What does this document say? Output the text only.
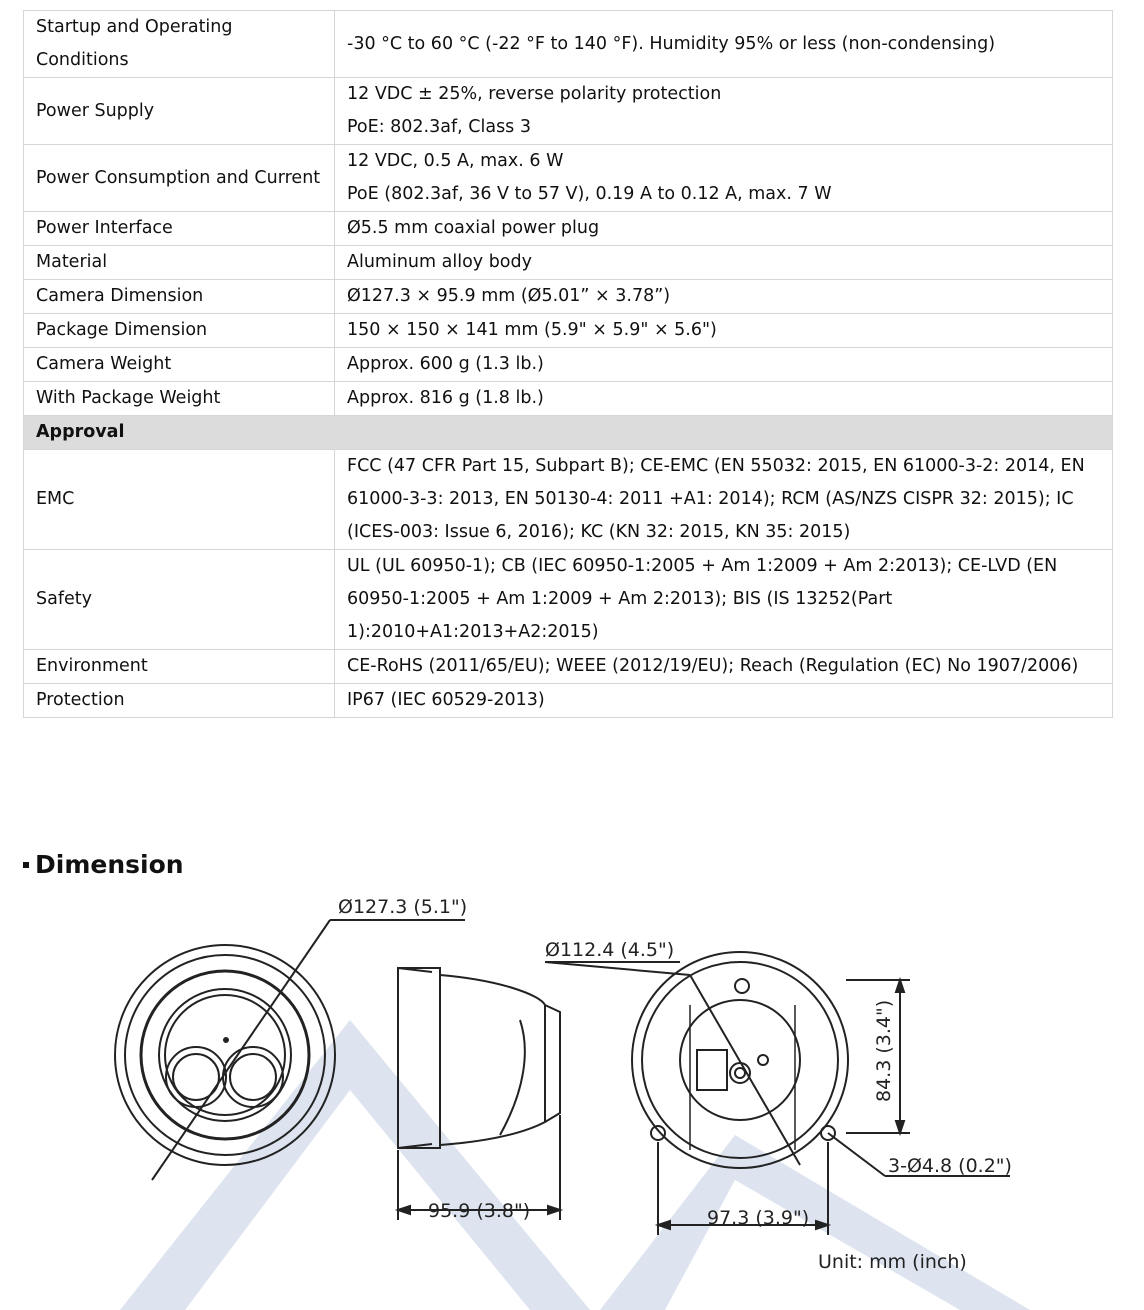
Startup and Operating Conditions	-30 °C to 60 °C (-22 °F to 140 °F). Humidity 95% or less (non-condensing)

Power Supply	12 VDC ± 25%, reverse polarity protection
PoE: 802.3af, Class 3

Power Consumption and Current	12 VDC, 0.5 A, max. 6 W
PoE (802.3af, 36 V to 57 V), 0.19 A to 0.12 A, max. 7 W

Power Interface	Ø5.5 mm coaxial power plug

Material	Aluminum alloy body

Camera Dimension	Ø127.3 × 95.9 mm (Ø5.01” × 3.78”)

Package Dimension	150 × 150 × 141 mm (5.9" × 5.9" × 5.6")

Camera Weight	Approx. 600 g (1.3 lb.)

With Package Weight	Approx. 816 g (1.8 lb.)

Approval	
EMC	FCC (47 CFR Part 15, Subpart B); CE-EMC (EN 55032: 2015, EN 61000-3-2: 2014, EN
61000-3-3: 2013, EN 50130-4: 2011 +A1: 2014); RCM (AS/NZS CISPR 32: 2015); IC
(ICES-003: Issue 6, 2016); KC (KN 32: 2015, KN 35: 2015)

Safety	UL (UL 60950-1); CB (IEC 60950-1:2005 + Am 1:2009 + Am 2:2013); CE-LVD (EN
60950-1:2005 + Am 1:2009 + Am 2:2013); BIS (IS 13252(Part
1):2010+A1:2013+A2:2015)

Environment	CE-RoHS (2011/65/EU); WEEE (2012/19/EU); Reach (Regulation (EC) No 1907/2006)

Protection	IP67 (IEC 60529-2013)
Dimension
Ø127.3 (5.1")
Ø112.4 (4.5")
95.9 (3.8")	97.3 (3.9")
84.3 (3.4")
3-Ø4.8 (0.2")
Unit: mm (inch)
